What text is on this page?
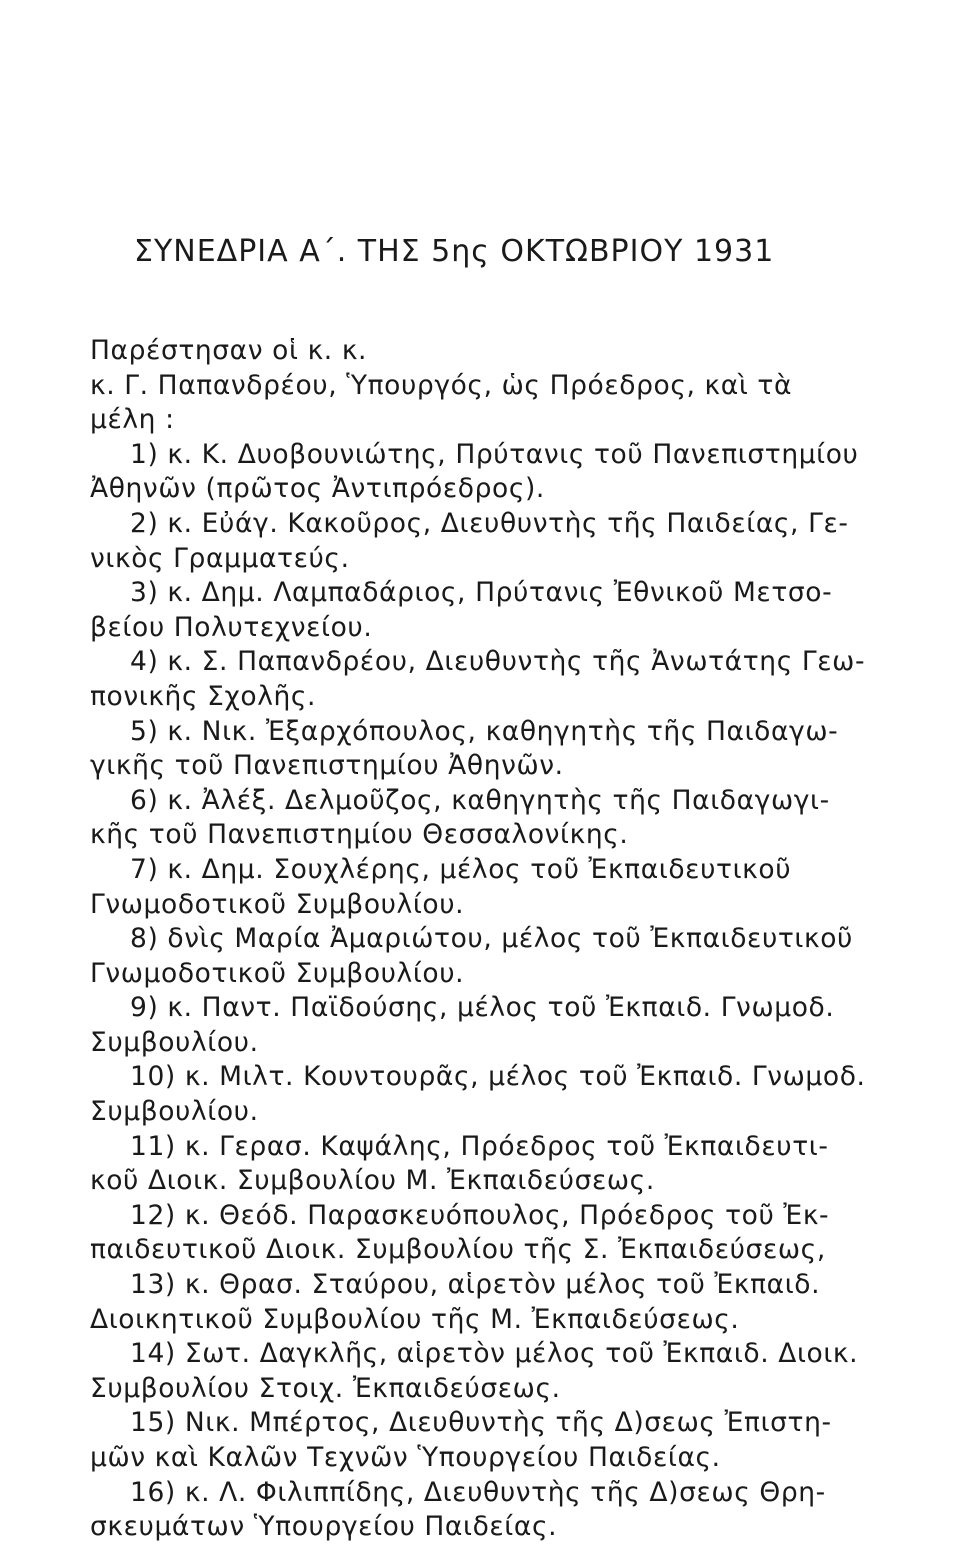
ΣΥΝΕΔΡΙΑ Α΄. ΤΗΣ 5ης ΟΚΤΩΒΡΙΟΥ 1931
Παρέστησαν οἱ κ. κ.
κ. Γ. Παπανδρέου, Ὑπουργός, ὡς Πρόεδρος, καὶ τὰ
μέλη :
1) κ. Κ. Δυοβουνιώτης, Πρύτανις τοῦ Πανεπιστημίου
Ἀθηνῶν (πρῶτος Ἀντιπρόεδρος).
2) κ. Εὐάγ. Κακοῦρος, Διευθυντὴς τῆς Παιδείας, Γε-
νικὸς Γραμματεύς.
3) κ. Δημ. Λαμπαδάριος, Πρύτανις Ἐθνικοῦ Μετσο-
βείου Πολυτεχνείου.
4) κ. Σ. Παπανδρέου, Διευθυντὴς τῆς Ἀνωτάτης Γεω-
πονικῆς Σχολῆς.
5) κ. Νικ. Ἐξαρχόπουλος, καθηγητὴς τῆς Παιδαγω-
γικῆς τοῦ Πανεπιστημίου Ἀθηνῶν.
6) κ. Ἀλέξ. Δελμοῦζος, καθηγητὴς τῆς Παιδαγωγι-
κῆς τοῦ Πανεπιστημίου Θεσσαλονίκης.
7) κ. Δημ. Σουχλέρης, μέλος τοῦ Ἐκπαιδευτικοῦ
Γνωμοδοτικοῦ Συμβουλίου.
8) δνὶς Μαρία Ἀμαριώτου, μέλος τοῦ Ἐκπαιδευτικοῦ
Γνωμοδοτικοῦ Συμβουλίου.
9) κ. Παντ. Παϊδούσης, μέλος τοῦ Ἐκπαιδ. Γνωμοδ.
Συμβουλίου.
10) κ. Μιλτ. Κουντουρᾶς, μέλος τοῦ Ἐκπαιδ. Γνωμοδ.
Συμβουλίου.
11) κ. Γερασ. Καψάλης, Πρόεδρος τοῦ Ἐκπαιδευτι-
κοῦ Διοικ. Συμβουλίου Μ. Ἐκπαιδεύσεως.
12) κ. Θεόδ. Παρασκευόπουλος, Πρόεδρος τοῦ Ἐκ-
παιδευτικοῦ Διοικ. Συμβουλίου τῆς Σ. Ἐκπαιδεύσεως,
13) κ. Θρασ. Σταύρου, αἱρετὸν μέλος τοῦ Ἐκπαιδ.
Διοικητικοῦ Συμβουλίου τῆς Μ. Ἐκπαιδεύσεως.
14) Σωτ. Δαγκλῆς, αἱρετὸν μέλος τοῦ Ἐκπαιδ. Διοικ.
Συμβουλίου Στοιχ. Ἐκπαιδεύσεως.
15) Νικ. Μπέρτος, Διευθυντὴς τῆς Δ)σεως Ἐπιστη-
μῶν καὶ Καλῶν Τεχνῶν Ὑπουργείου Παιδείας.
16) κ. Λ. Φιλιππίδης, Διευθυντὴς τῆς Δ)σεως Θρη-
σκευμάτων Ὑπουργείου Παιδείας.
